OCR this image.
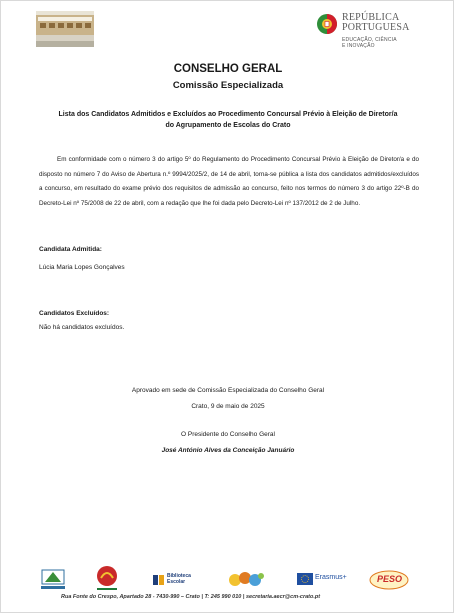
REPÚBLICA
PORTUGUESA
EDUCAÇÃO, CIÊNCIA
E INOVAÇÃO
CONSELHO GERAL
Comissão Especializada
Lista dos Candidatos Admitidos e Excluídos ao Procedimento Concursal Prévio à Eleição de Diretor/a
do Agrupamento de Escolas do Crato
Em conformidade com o número 3 do artigo 5º do Regulamento do Procedimento Concursal Prévio à Eleição de Diretor/a e do disposto no número 7 do Aviso de Abertura n.º 9994/2025/2, de 14 de abril, torna-se pública a lista dos candidatos admitidos/excluídos a concurso, em resultado do exame prévio dos requisitos de admissão ao concurso, feito nos termos do número 3 do artigo 22º-B do Decreto-Lei nº 75/2008 de 22 de abril, com a redação que lhe foi dada pelo Decreto-Lei nº 137/2012 de 2 de Julho.
Candidata Admitida:
Lúcia Maria Lopes Gonçalves
Candidatos Excluídos:
Não há candidatos excluídos.
Aprovado em sede de Comissão Especializada do Conselho Geral
Crato, 9 de maio de 2025
O Presidente do Conselho Geral
José António Alves da Conceição Januário
Biblioteca Escolar
Erasmus+	PESO
Rua Fonte do Crespo, Apartado 28 - 7430-990 – Crato | T: 245 990 010 | secretaria.aecr@cm-crato.pt
